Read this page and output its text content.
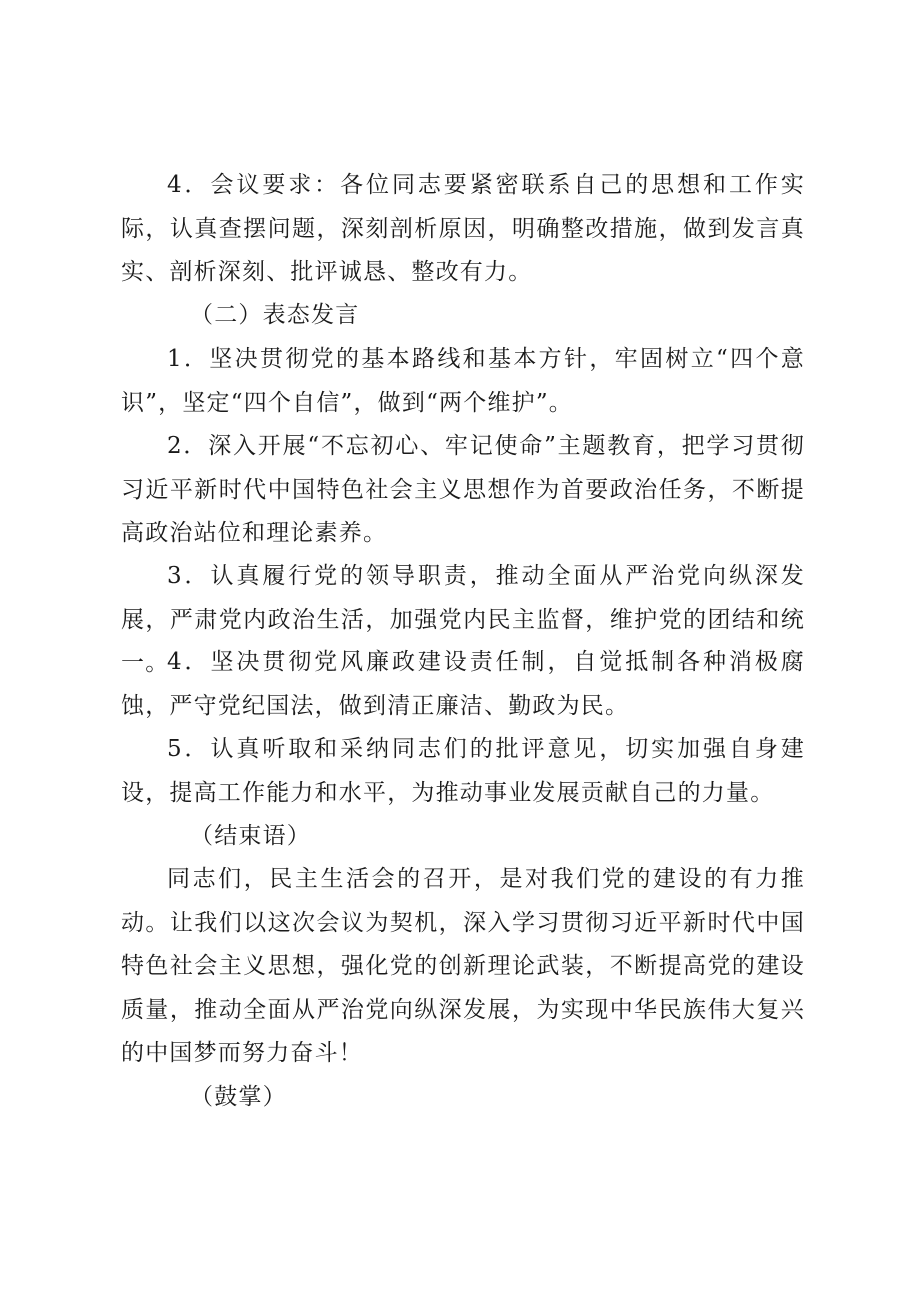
4．会议要求：各位同志要紧密联系自己的思想和工作实际，认真查摆问题，深刻剖析原因，明确整改措施，做到发言真实、剖析深刻、批评诚恳、整改有力。

（二）表态发言

1．坚决贯彻党的基本路线和基本方针，牢固树立“四个意识”，坚定“四个自信”，做到“两个维护”。

2．深入开展“不忘初心、牢记使命”主题教育，把学习贯彻习近平新时代中国特色社会主义思想作为首要政治任务，不断提高政治站位和理论素养。

3．认真履行党的领导职责，推动全面从严治党向纵深发展，严肃党内政治生活，加强党内民主监督，维护党的团结和统一。

4．坚决贯彻党风廉政建设责任制，自觉抵制各种消极腐蚀，严守党纪国法，做到清正廉洁、勤政为民。

5．认真听取和采纳同志们的批评意见，切实加强自身建设，提高工作能力和水平，为推动事业发展贡献自己的力量。

（结束语）

同志们，民主生活会的召开，是对我们党的建设的有力推动。让我们以这次会议为契机，深入学习贯彻习近平新时代中国特色社会主义思想，强化党的创新理论武装，不断提高党的建设质量，推动全面从严治党向纵深发展，为实现中华民族伟大复兴的中国梦而努力奋斗！

（鼓掌）
